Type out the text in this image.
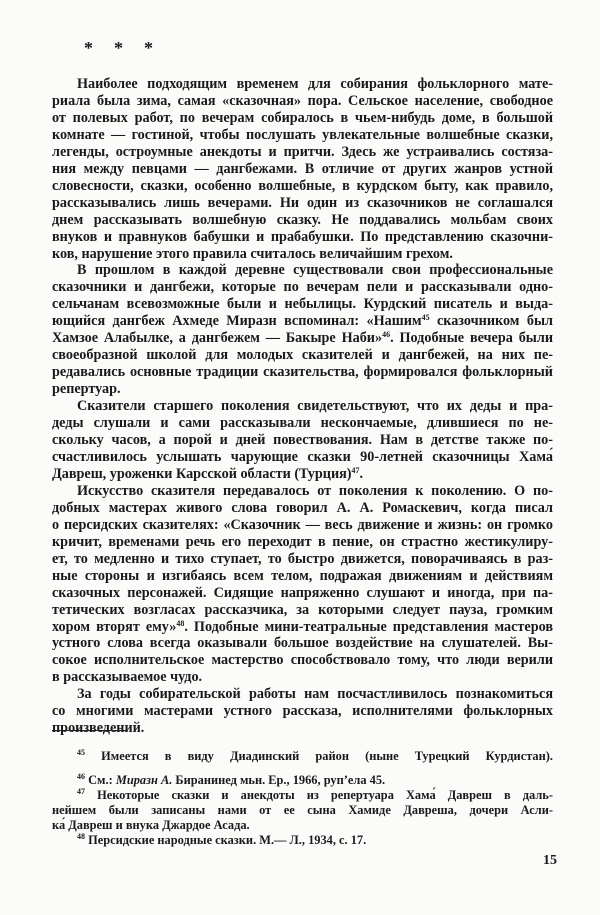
* * *
Наиболее подходящим временем для собирания фольклорного мате-
риала была зима, самая «сказочная» пора. Сельское население, свободное
от полевых работ, по вечерам собиралось в чьем-нибудь доме, в большой
комнате — гостиной, чтобы послушать увлекательные волшебные сказки,
легенды, остроумные анекдоты и притчи. Здесь же устраивались состяза-
ния между певцами — дангбежами. В отличие от других жанров устной
словесности, сказки, особенно волшебные, в курдском быту, как правило,
рассказывались лишь вечерами. Ни один из сказочников не соглашался
днем рассказывать волшебную сказку. Не поддавались мольбам своих
внуков и правнуков бабушки и прабабушки. По представлению сказочни-
ков, нарушение этого правила считалось величайшим грехом.
В прошлом в каждой деревне существовали свои профессиональные
сказочники и дангбежи, которые по вечерам пели и рассказывали одно-
сельчанам всевозможные были и небылицы. Курдский писатель и выда-
ющийся дангбеж Ахмеде Миразн вспоминал: «Нашим$^{45}$ сказочником был
Хамзое Алабылке, а дангбежем — Бакыре Наби»$^{46}$. Подобные вечера были
своеобразной школой для молодых сказителей и дангбежей, на них пе-
редавались основные традиции сказительства, формировался фольклорный
репертуар.
Сказители старшего поколения свидетельствуют, что их деды и пра-
деды слушали и сами рассказывали нескончаемые, длившиеся по не-
скольку часов, а порой и дней повествования. Нам в детстве также по-
счастливилось услышать чарующие сказки 90-летней сказочницы Хама́
Давреш, уроженки Карсской области (Турция)$^{47}$.
Искусство сказителя передавалось от поколения к поколению. О по-
добных мастерах живого слова говорил А. А. Ромаскевич, когда писал
о персидских сказителях: «Сказочник — весь движение и жизнь: он громко
кричит, временами речь его переходит в пение, он страстно жестикулиру-
ет, то медленно и тихо ступает, то быстро движется, поворачиваясь в раз-
ные стороны и изгибаясь всем телом, подражая движениям и действиям
сказочных персонажей. Сидящие напряженно слушают и иногда, при па-
тетических возгласах рассказчика, за которыми следует пауза, громким
хором вторят ему»$^{48}$. Подобные мини-театральные представления мастеров
устного слова всегда оказывали большое воздействие на слушателей. Вы-
сокое исполнительское мастерство способствовало тому, что люди верили
в рассказываемое чудо.
За годы собирательской работы нам посчастливилось познакомиться
со многими мастерами устного рассказа, исполнителями фольклорных
произведений.
$^{45}$ Имеется в виду Диадинский район (ныне Турецкий Курдистан).
$^{46}$ См.: Миразн А. Биранинед мьн. Ер., 1966, рупʼела 45.
$^{47}$ Некоторые сказки и анекдоты из репертуара Хама́ Давреш в даль-
нейшем были записаны нами от ее сына Хамиде Давреша, дочери Асли-
ка́ Давреш и внука Джардое Асада.
$^{48}$ Персидские народные сказки. М.— Л., 1934, с. 17.
15
